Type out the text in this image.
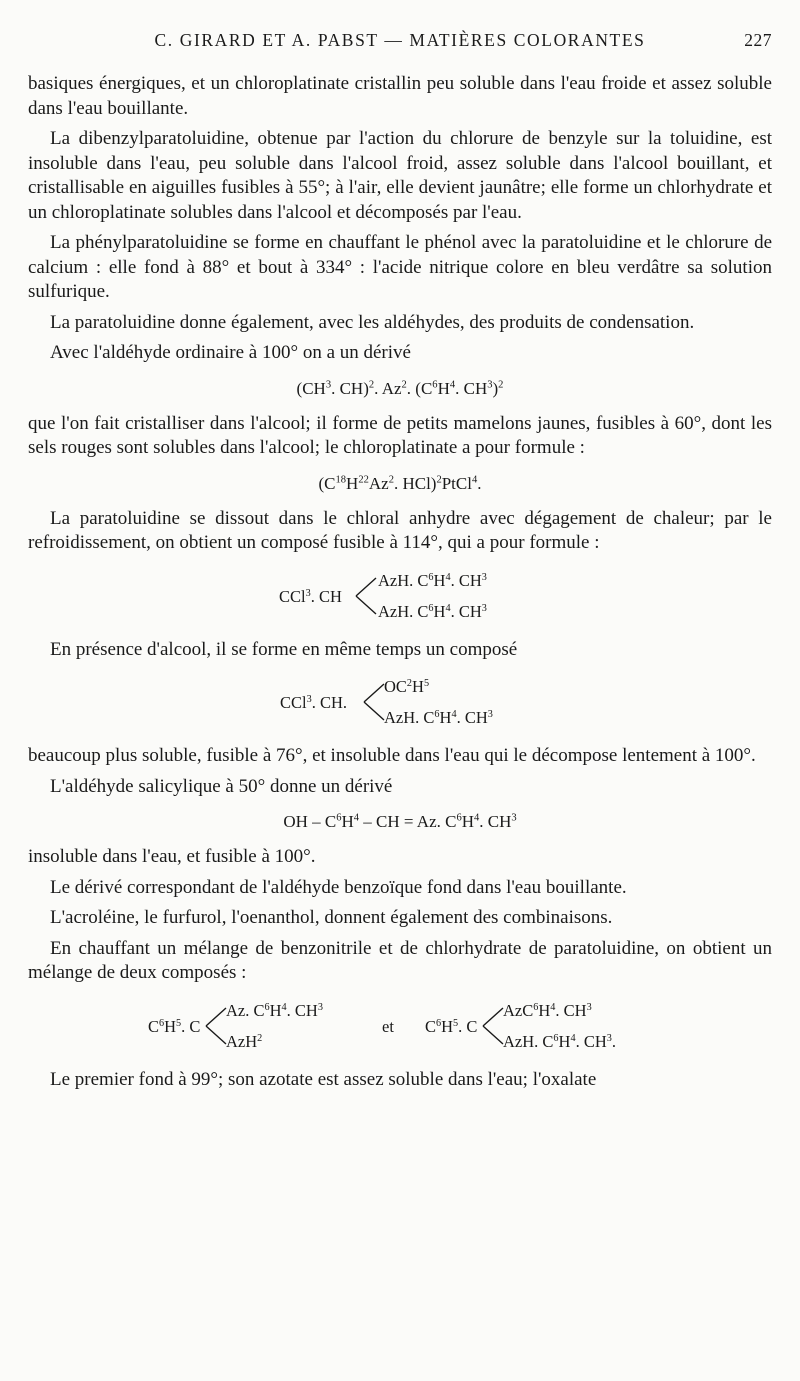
C. GIRARD ET A. PABST — MATIÈRES COLORANTES	227

basiques énergiques, et un chloroplatinate cristallin peu soluble dans l'eau froide et assez soluble dans l'eau bouillante.

La dibenzylparatoluidine, obtenue par l'action du chlorure de benzyle sur la toluidine, est insoluble dans l'eau, peu soluble dans l'alcool froid, assez soluble dans l'alcool bouillant, et cristallisable en aiguilles fusibles à 55°; à l'air, elle devient jaunâtre; elle forme un chlorhydrate et un chloroplatinate solubles dans l'alcool et décomposés par l'eau.

La phénylparatoluidine se forme en chauffant le phénol avec la paratoluidine et le chlorure de calcium : elle fond à 88° et bout à 334° : l'acide nitrique colore en bleu verdâtre sa solution sulfurique.

La paratoluidine donne également, avec les aldéhydes, des produits de condensation.

Avec l'aldéhyde ordinaire à 100° on a un dérivé

($CH^3$. CH)$^2$. Az$^2$. ($C^6H^4$. $CH^3)^2$

que l'on fait cristalliser dans l'alcool; il forme de petits mamelons jaunes, fusibles à 60°, dont les sels rouges sont solubles dans l'alcool; le chloroplatinate a pour formule :

($C^{18}H^{22}Az^2$. HCl)$^2$PtCl$^4$.

La paratoluidine se dissout dans le chloral anhydre avec dégagement de chaleur; par le refroidissement, on obtient un composé fusible à 114°, qui a pour formule :

CCl$^3$. CH
AzH. $C^6H^4$. $CH^3$
AzH. $C^6H^4$. $CH^3$

En présence d'alcool, il se forme en même temps un composé

CCl$^3$. CH.
$OC^2H^5$
AzH. $C^6H^4$. $CH^3$

beaucoup plus soluble, fusible à 76°, et insoluble dans l'eau qui le décompose lentement à 100°.

L'aldéhyde salicylique à 50° donne un dérivé

OH – $C^6H^4$ – CH = Az. $C^6H^4$. $CH^3$

insoluble dans l'eau, et fusible à 100°.

Le dérivé correspondant de l'aldéhyde benzoïque fond dans l'eau bouillante.

L'acroléine, le furfurol, l'oenanthol, donnent également des combinaisons.

En chauffant un mélange de benzonitrile et de chlorhydrate de paratoluidine, on obtient un mélange de deux composés :

$C^6H^5$. C
Az. $C^6H^4$. $CH^3$
AzH$^2$
et $C^6H^5$. C
$AzC^6H^4$. $CH^3$
AzH. $C^6H^4$. $CH^3$.

Le premier fond à 99°; son azotate est assez soluble dans l'eau; l'oxalate
